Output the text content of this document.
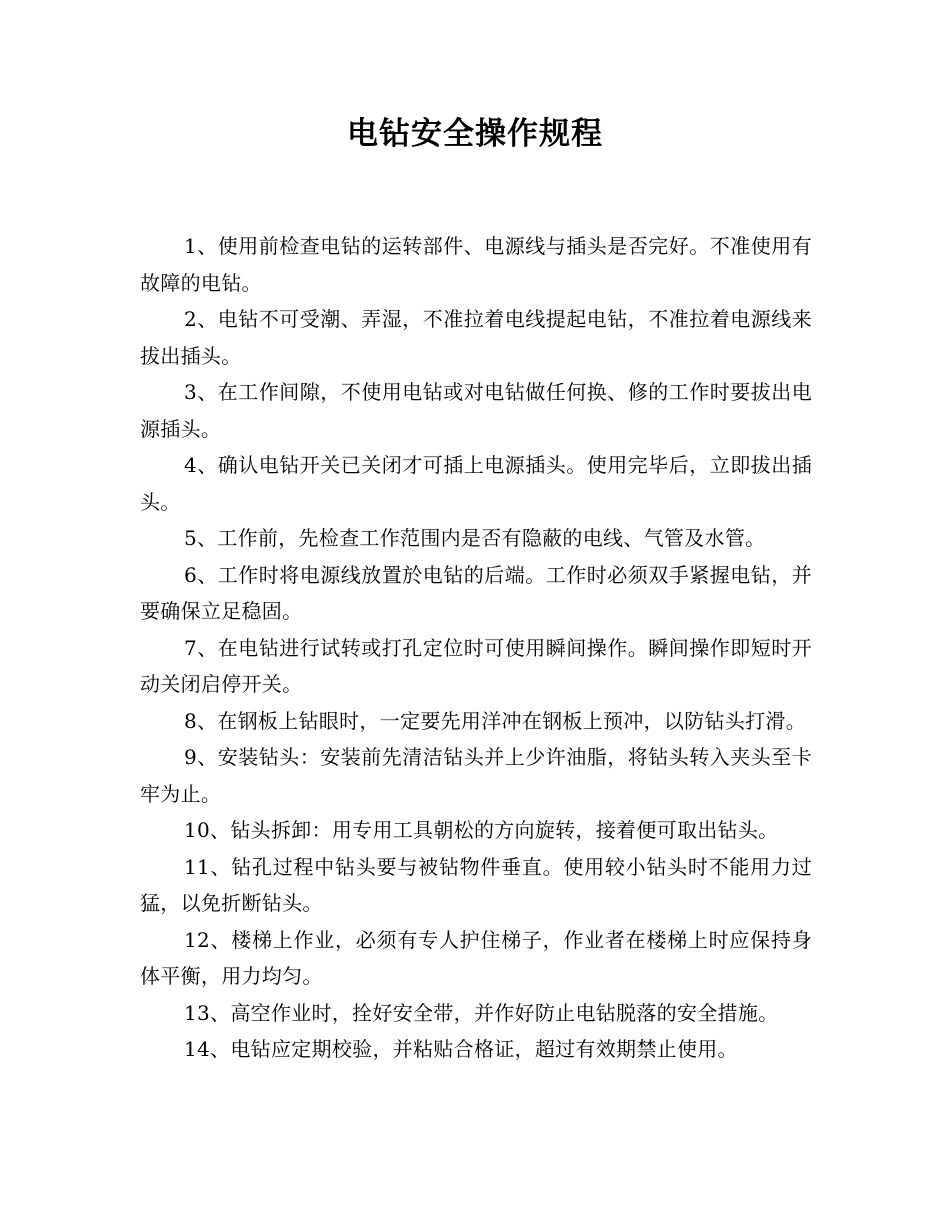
电钻安全操作规程

1、使用前检查电钻的运转部件、电源线与插头是否完好。不准使用有故障的电钻。

2、电钻不可受潮、弄湿，不准拉着电线提起电钻，不准拉着电源线来拔出插头。

3、在工作间隙，不使用电钻或对电钻做任何换、修的工作时要拔出电源插头。

4、确认电钻开关已关闭才可插上电源插头。使用完毕后，立即拔出插头。

5、工作前，先检查工作范围内是否有隐蔽的电线、气管及水管。

6、工作时将电源线放置於电钻的后端。工作时必须双手紧握电钻，并要确保立足稳固。

7、在电钻进行试转或打孔定位时可使用瞬间操作。瞬间操作即短时开动关闭启停开关。

8、在钢板上钻眼时，一定要先用洋冲在钢板上预冲，以防钻头打滑。

9、安装钻头：安装前先清洁钻头并上少许油脂，将钻头转入夹头至卡牢为止。

10、钻头拆卸：用专用工具朝松的方向旋转，接着便可取出钻头。

11、钻孔过程中钻头要与被钻物件垂直。使用较小钻头时不能用力过猛，以免折断钻头。

12、楼梯上作业，必须有专人护住梯子，作业者在楼梯上时应保持身体平衡，用力均匀。

13、高空作业时，拴好安全带，并作好防止电钻脱落的安全措施。

14、电钻应定期校验，并粘贴合格证，超过有效期禁止使用。
